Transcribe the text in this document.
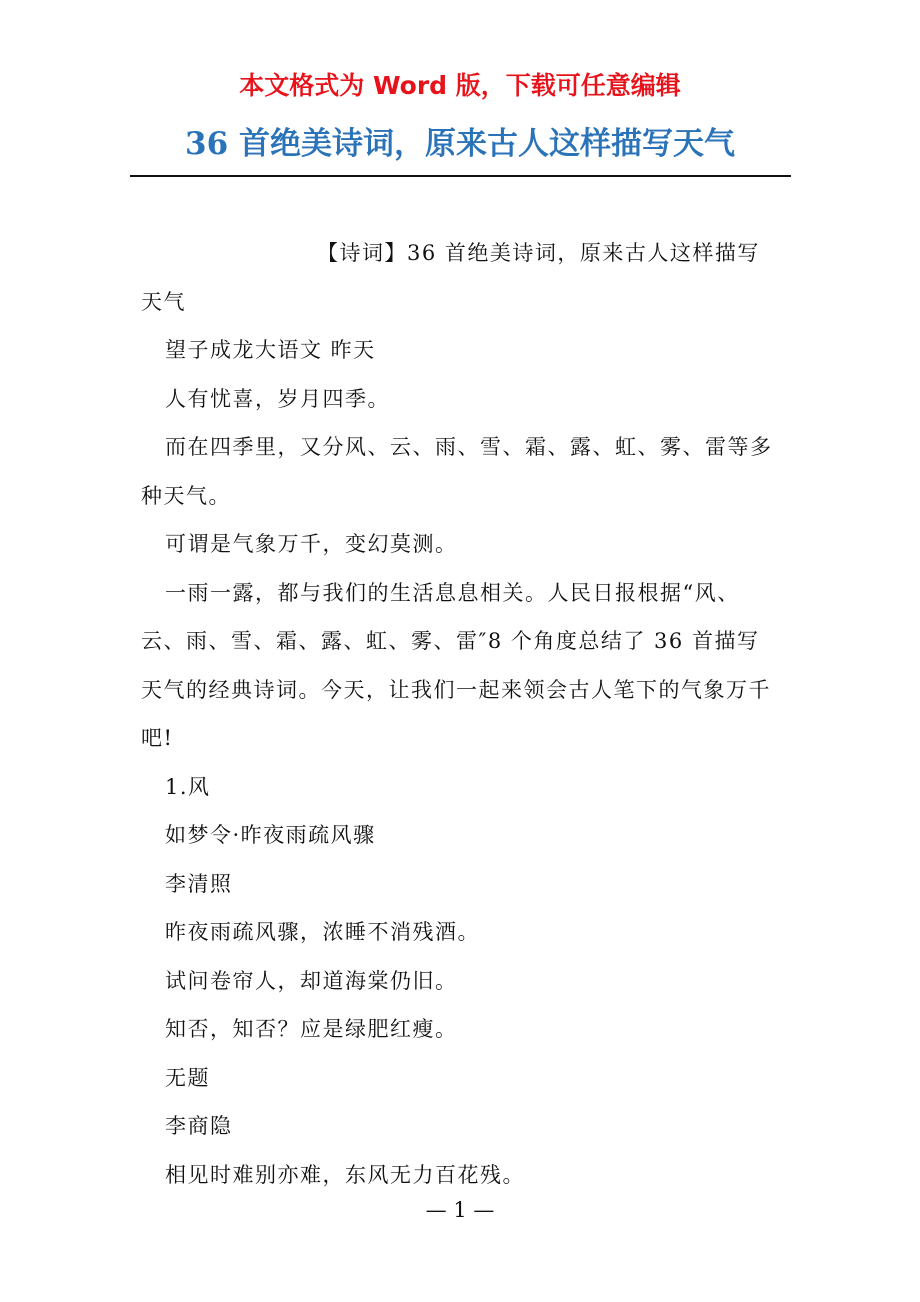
本文格式为 Word 版，下载可任意编辑
36 首绝美诗词，原来古人这样描写天气

【诗词】36 首绝美诗词，原来古人这样描写天气

望子成龙大语文 昨天

人有忧喜，岁月四季。

而在四季里，又分风、云、雨、雪、霜、露、虹、雾、雷等多种天气。

可谓是气象万千，变幻莫测。

一雨一露，都与我们的生活息息相关。人民日报根据“风、云、雨、雪、霜、露、虹、雾、雷″8 个角度总结了 36 首描写天气的经典诗词。今天，让我们一起来领会古人笔下的气象万千吧!

1.风

如梦令·昨夜雨疏风骤

李清照

昨夜雨疏风骤，浓睡不消残酒。

试问卷帘人，却道海棠仍旧。

知否，知否？应是绿肥红瘦。

无题

李商隐

相见时难别亦难，东风无力百花残。

— 1 —
